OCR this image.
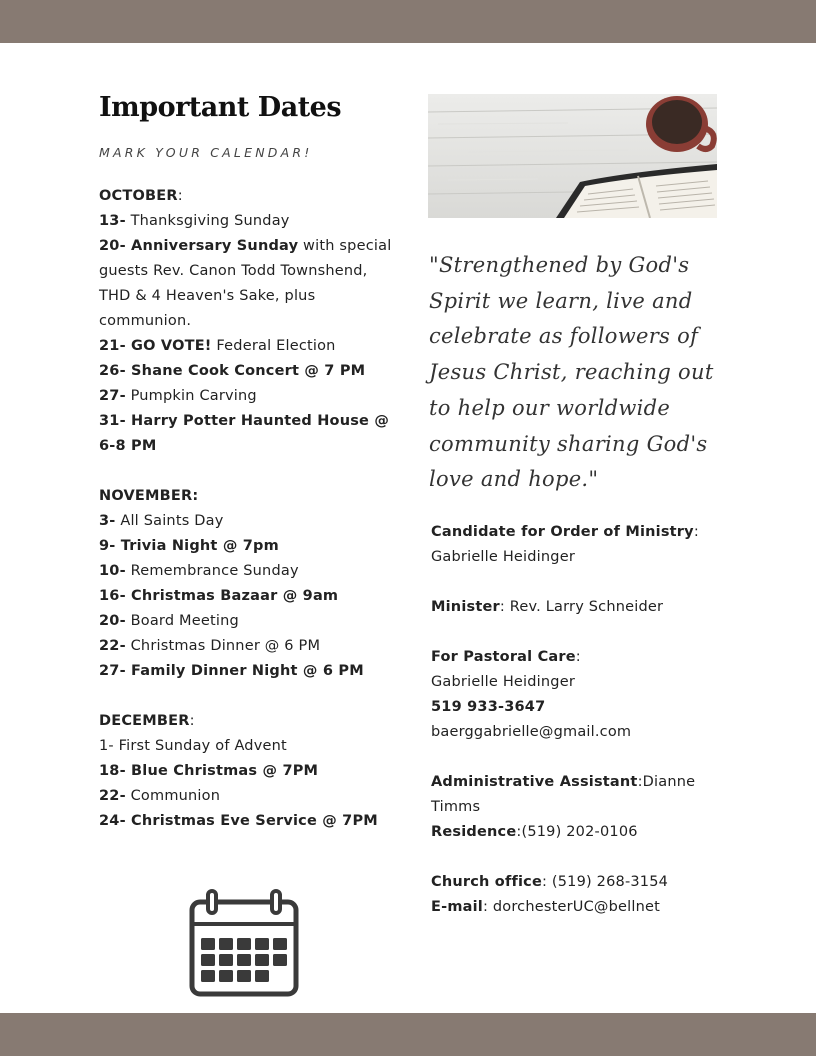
Important Dates
MARK YOUR CALENDAR!
OCTOBER:
13- Thanksgiving Sunday
20- Anniversary Sunday with special guests Rev. Canon Todd Townshend, THD & 4 Heaven's Sake, plus communion.
21- GO VOTE! Federal Election
26- Shane Cook Concert @ 7 PM
27- Pumpkin Carving
31- Harry Potter Haunted House @ 6-8 PM
NOVEMBER:
3- All Saints Day
9- Trivia Night @ 7pm
10- Remembrance Sunday
16- Christmas Bazaar @ 9am
20- Board Meeting
22- Christmas Dinner @ 6 PM
27- Family Dinner Night @ 6 PM
DECEMBER:
1- First Sunday of Advent
18- Blue Christmas @ 7PM
22- Communion
24- Christmas Eve Service @ 7PM
"Strengthened by God's Spirit we learn, live and celebrate as followers of Jesus Christ, reaching out to help our worldwide community sharing God's love and hope."
Candidate for Order of Ministry: Gabrielle Heidinger
Minister: Rev. Larry Schneider
For Pastoral Care:
Gabrielle Heidinger
519 933-3647
baerggabrielle@gmail.com
Administrative Assistant:Dianne Timms
Residence:(519) 202-0106
Church office: (519) 268-3154
E-mail: dorchesterUC@bellnet
